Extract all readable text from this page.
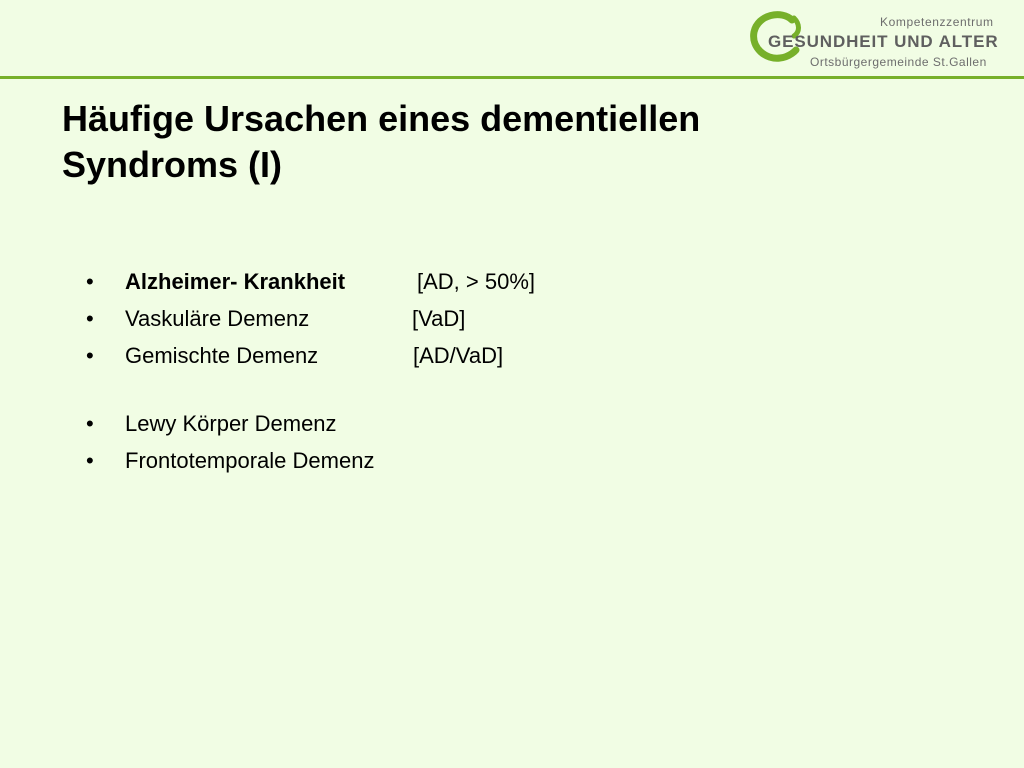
Kompetenzzentrum
GESUNDHEIT UND ALTER
Ortsbürgergemeinde St.Gallen
Häufige Ursachen eines dementiellen
Syndroms (I)
• Alzheimer- Krankheit	[AD, > 50%]
• Vaskuläre Demenz	[VaD]
• Gemischte Demenz	[AD/VaD]
• Lewy Körper Demenz
• Frontotemporale Demenz
